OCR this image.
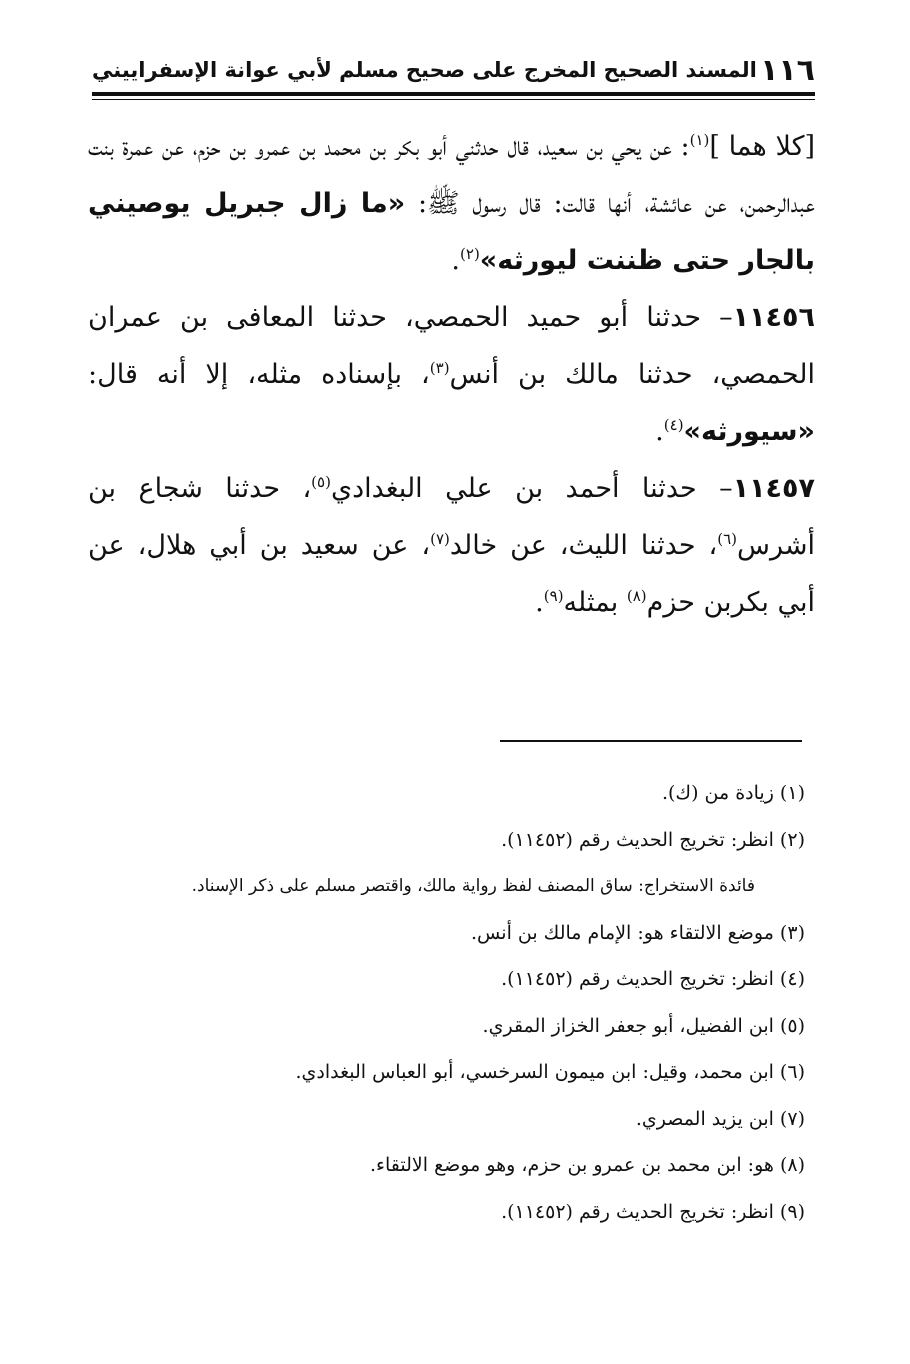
١١٦
المسند الصحيح المخرج على صحيح مسلم لأبي عوانة الإسفراييني

[كلا هما ]$^{(١)}$: عن يحي بن سعيد، قال حدثني أبو بكر بن محمد بن عمرو بن حزم، عن عمرة بنت عبدالرحمن، عن عائشة، أنها قالت: قال رسول ﷺ: «ما زال جبريل يوصيني بالجار حتى ظننت ليورثه»$^{(٢)}$.

١١٤٥٦– حدثنا أبو حميد الحمصي، حدثنا المعافى بن عمران الحمصي، حدثنا مالك بن أنس$^{(٣)}$، بإسناده مثله، إلا أنه قال: «سيورثه»$^{(٤)}$.

١١٤٥٧– حدثنا أحمد بن علي البغدادي$^{(٥)}$، حدثنا شجاع بن أشرس$^{(٦)}$، حدثنا الليث، عن خالد$^{(٧)}$، عن سعيد بن أبي هلال، عن أبي بكربن حزم$^{(٨)}$ بمثله$^{(٩)}$.

(١) زيادة من (ك).
(٢) انظر: تخريج الحديث رقم (١١٤٥٢).
فائدة الاستخراج: ساق المصنف لفظ رواية مالك، واقتصر مسلم على ذكر الإسناد.
(٣) موضع الالتقاء هو: الإمام مالك بن أنس.
(٤) انظر: تخريج الحديث رقم (١١٤٥٢).
(٥) ابن الفضيل، أبو جعفر الخزاز المقري.
(٦) ابن محمد، وقيل: ابن ميمون السرخسي، أبو العباس البغدادي.
(٧) ابن يزيد المصري.
(٨) هو: ابن محمد بن عمرو بن حزم، وهو موضع الالتقاء.
(٩) انظر: تخريج الحديث رقم (١١٤٥٢).
